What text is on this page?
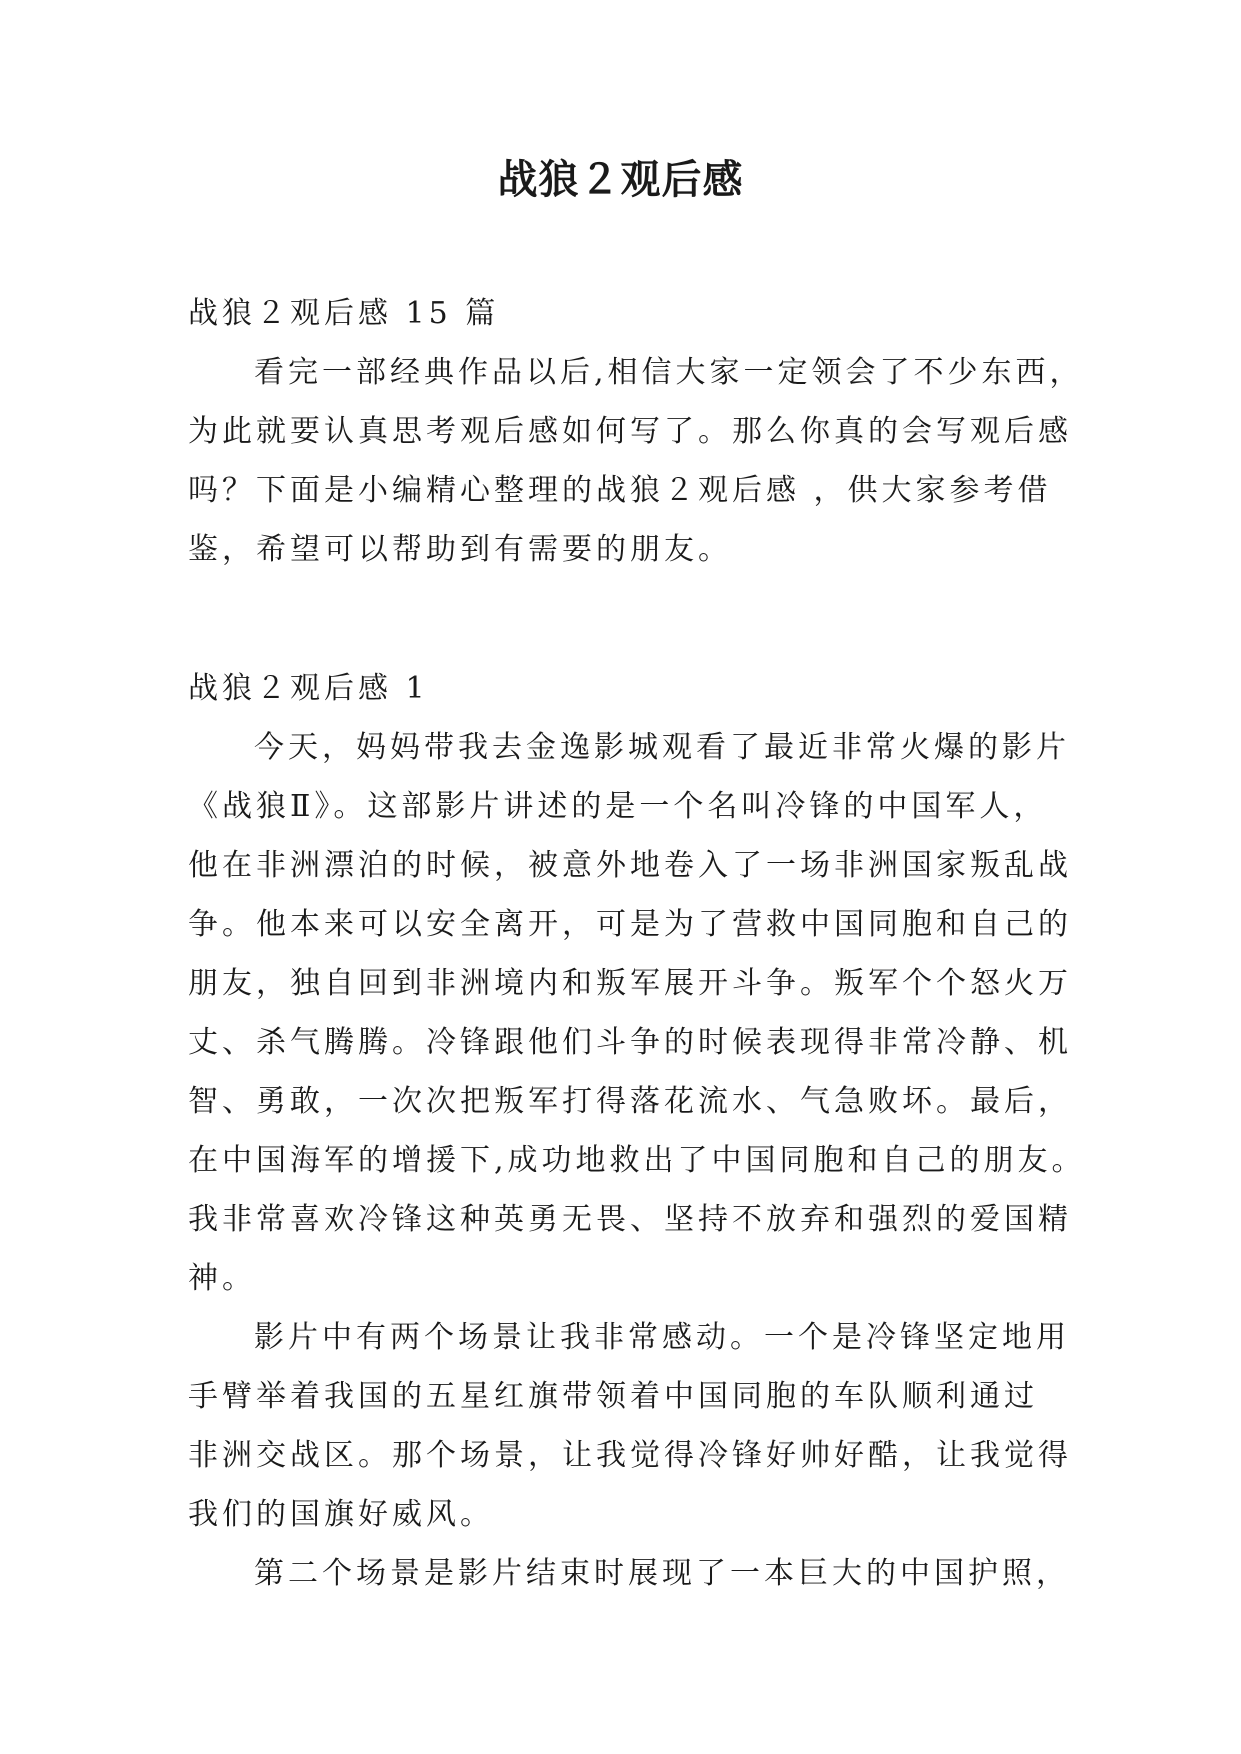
战狼２观后感
战狼２观后感 15 篇
看完一部经典作品以后,相信大家一定领会了不少东西，
为此就要认真思考观后感如何写了。那么你真的会写观后感
吗？下面是小编精心整理的战狼２观后感 ，供大家参考借
鉴，希望可以帮助到有需要的朋友。
战狼２观后感 1
今天，妈妈带我去金逸影城观看了最近非常火爆的影片
《战狼Ⅱ》。这部影片讲述的是一个名叫冷锋的中国军人，
他在非洲漂泊的时候，被意外地卷入了一场非洲国家叛乱战
争。他本来可以安全离开，可是为了营救中国同胞和自己的
朋友，独自回到非洲境内和叛军展开斗争。叛军个个怒火万
丈、杀气腾腾。冷锋跟他们斗争的时候表现得非常冷静、机
智、勇敢，一次次把叛军打得落花流水、气急败坏。最后，
在中国海军的增援下,成功地救出了中国同胞和自己的朋友。
我非常喜欢冷锋这种英勇无畏、坚持不放弃和强烈的爱国精
神。
影片中有两个场景让我非常感动。一个是冷锋坚定地用
手臂举着我国的五星红旗带领着中国同胞的车队顺利通过
非洲交战区。那个场景，让我觉得冷锋好帅好酷，让我觉得
我们的国旗好威风。
第二个场景是影片结束时展现了一本巨大的中国护照，
